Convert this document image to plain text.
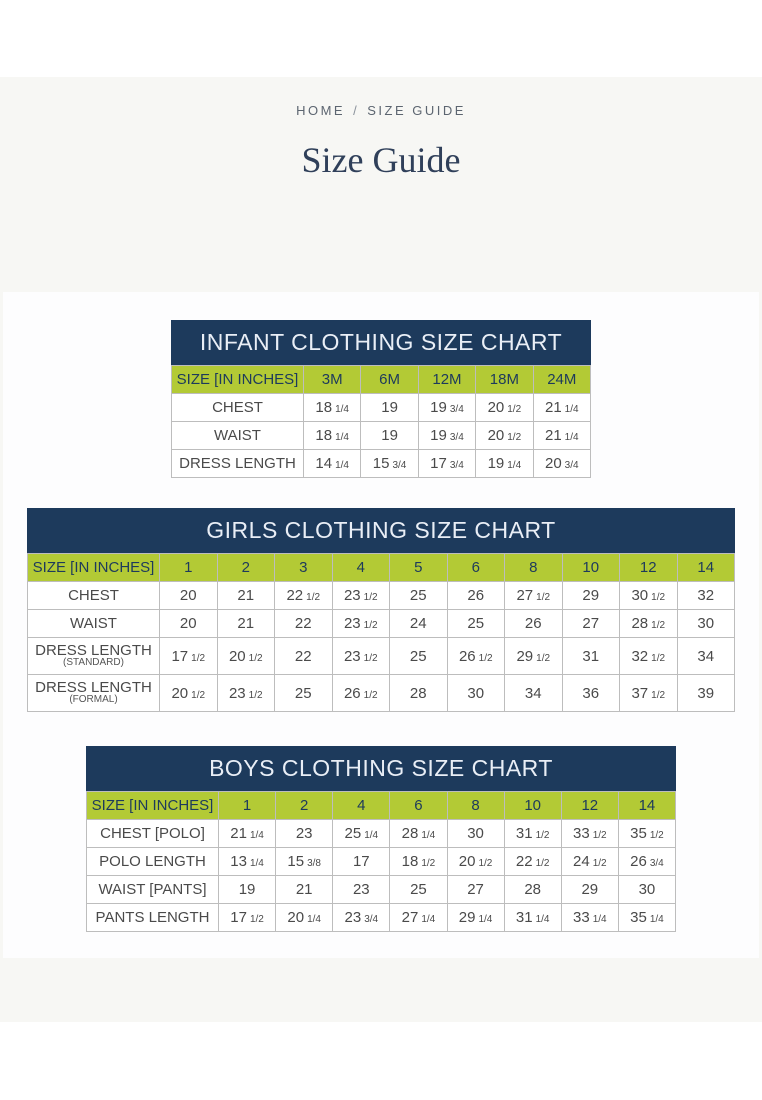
HOME / SIZE GUIDE
Size Guide
INFANT CLOTHING SIZE CHART
SIZE [IN INCHES]	3M	6M	12M	18M	24M
CHEST	18 1/4	19	19 3/4	20 1/2	21 1/4
WAIST	18 1/4	19	19 3/4	20 1/2	21 1/4
DRESS LENGTH	14 1/4	15 3/4	17 3/4	19 1/4	20 3/4
GIRLS CLOTHING SIZE CHART
SIZE [IN INCHES]	1	2	3	4	5	6	8	10	12	14
CHEST	20	21	22 1/2	23 1/2	25	26	27 1/2	29	30 1/2	32
WAIST	20	21	22	23 1/2	24	25	26	27	28 1/2	30
DRESS LENGTH
(STANDARD)	17 1/2	20 1/2	22	23 1/2	25	26 1/2	29 1/2	31	32 1/2	34
DRESS LENGTH
(FORMAL)	20 1/2	23 1/2	25	26 1/2	28	30	34	36	37 1/2	39
BOYS CLOTHING SIZE CHART
SIZE [IN INCHES]	1	2	4	6	8	10	12	14
CHEST [POLO]	21 1/4	23	25 1/4	28 1/4	30	31 1/2	33 1/2	35 1/2
POLO LENGTH	13 1/4	15 3/8	17	18 1/2	20 1/2	22 1/2	24 1/2	26 3/4
WAIST [PANTS]	19	21	23	25	27	28	29	30
PANTS LENGTH	17 1/2	20 1/4	23 3/4	27 1/4	29 1/4	31 1/4	33 1/4	35 1/4
